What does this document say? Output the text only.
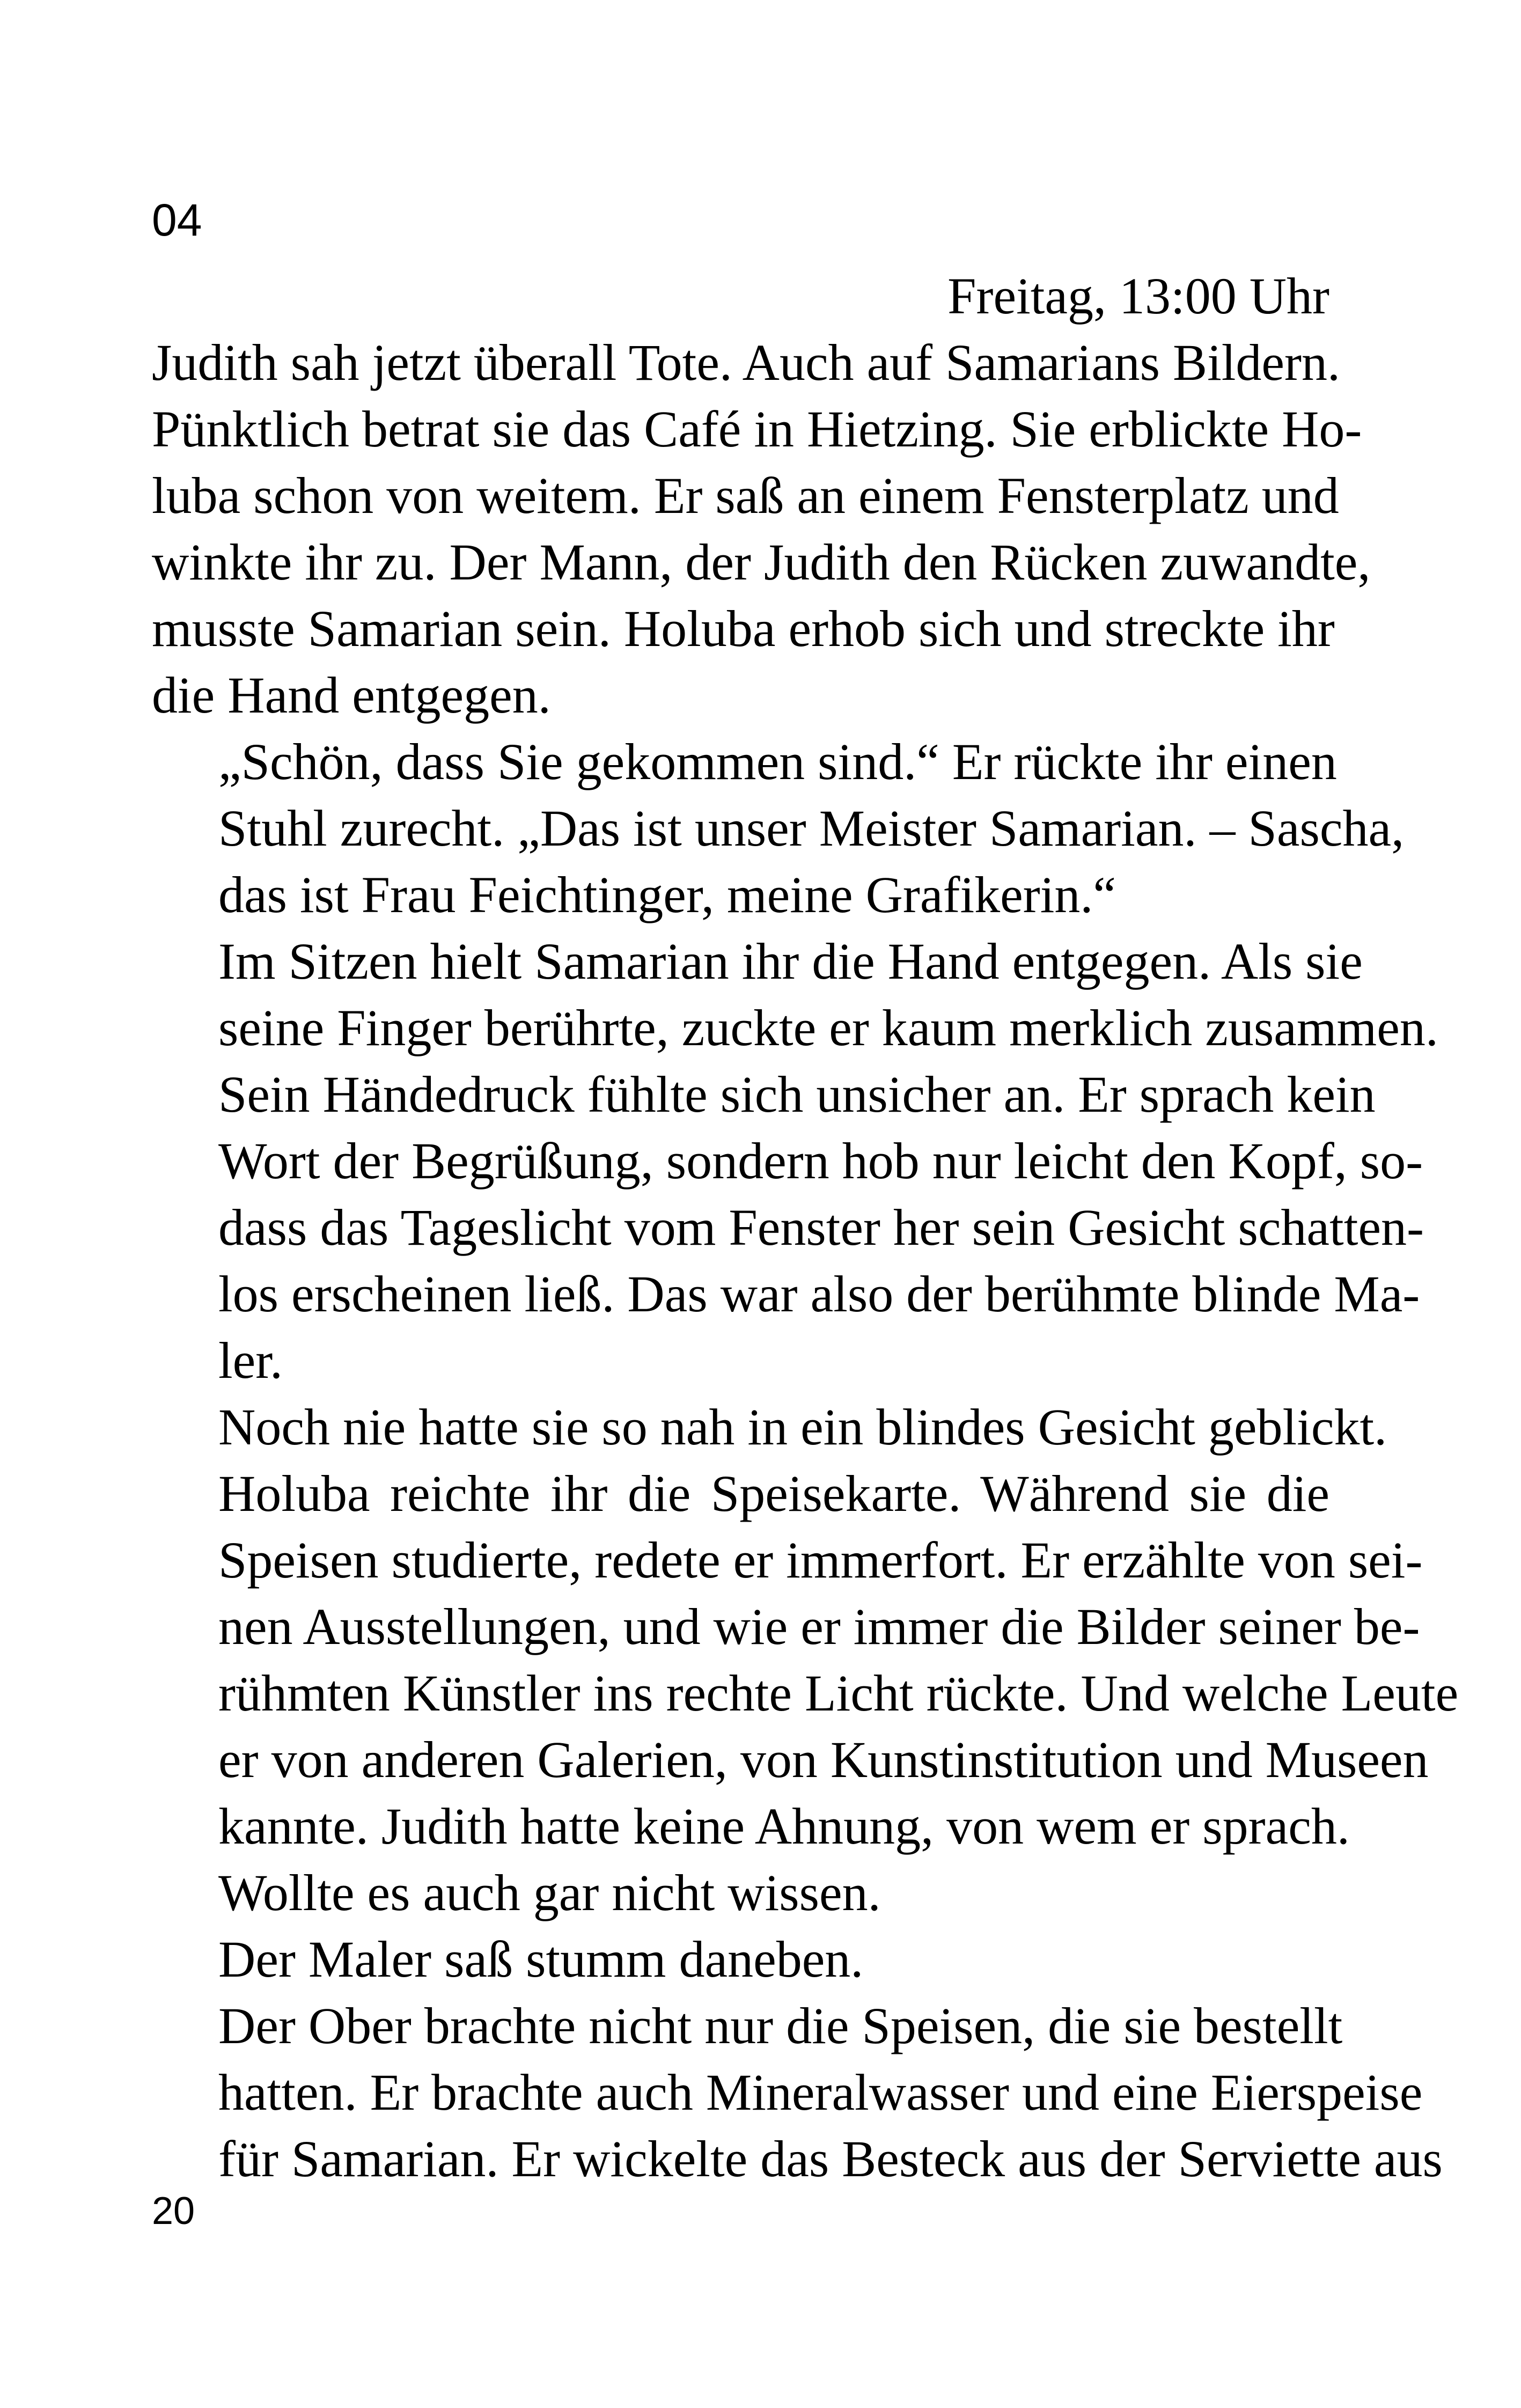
04

Freitag, 13:00 Uhr

Judith sah jetzt überall Tote. Auch auf Samarians Bildern.
Pünktlich betrat sie das Café in Hietzing. Sie erblickte Ho-
luba schon von weitem. Er saß an einem Fensterplatz und
winkte ihr zu. Der Mann, der Judith den Rücken zuwandte,
musste Samarian sein. Holuba erhob sich und streckte ihr
die Hand entgegen.

„Schön, dass Sie gekommen sind.“ Er rückte ihr einen
Stuhl zurecht. „Das ist unser Meister Samarian. – Sascha,
das ist Frau Feichtinger, meine Grafikerin.“

Im Sitzen hielt Samarian ihr die Hand entgegen. Als sie
seine Finger berührte, zuckte er kaum merklich zusammen.
Sein Händedruck fühlte sich unsicher an. Er sprach kein
Wort der Begrüßung, sondern hob nur leicht den Kopf, so-
dass das Tageslicht vom Fenster her sein Gesicht schatten-
los erscheinen ließ. Das war also der berühmte blinde Ma-
ler.

Noch nie hatte sie so nah in ein blindes Gesicht geblickt.

Holuba reichte ihr die Speisekarte. Während sie die
Speisen studierte, redete er immerfort. Er erzählte von sei-
nen Ausstellungen, und wie er immer die Bilder seiner be-
rühmten Künstler ins rechte Licht rückte. Und welche Leute
er von anderen Galerien, von Kunstinstitution und Museen
kannte. Judith hatte keine Ahnung, von wem er sprach.
Wollte es auch gar nicht wissen.

Der Maler saß stumm daneben.

Der Ober brachte nicht nur die Speisen, die sie bestellt
hatten. Er brachte auch Mineralwasser und eine Eierspeise
für Samarian. Er wickelte das Besteck aus der Serviette aus

20
